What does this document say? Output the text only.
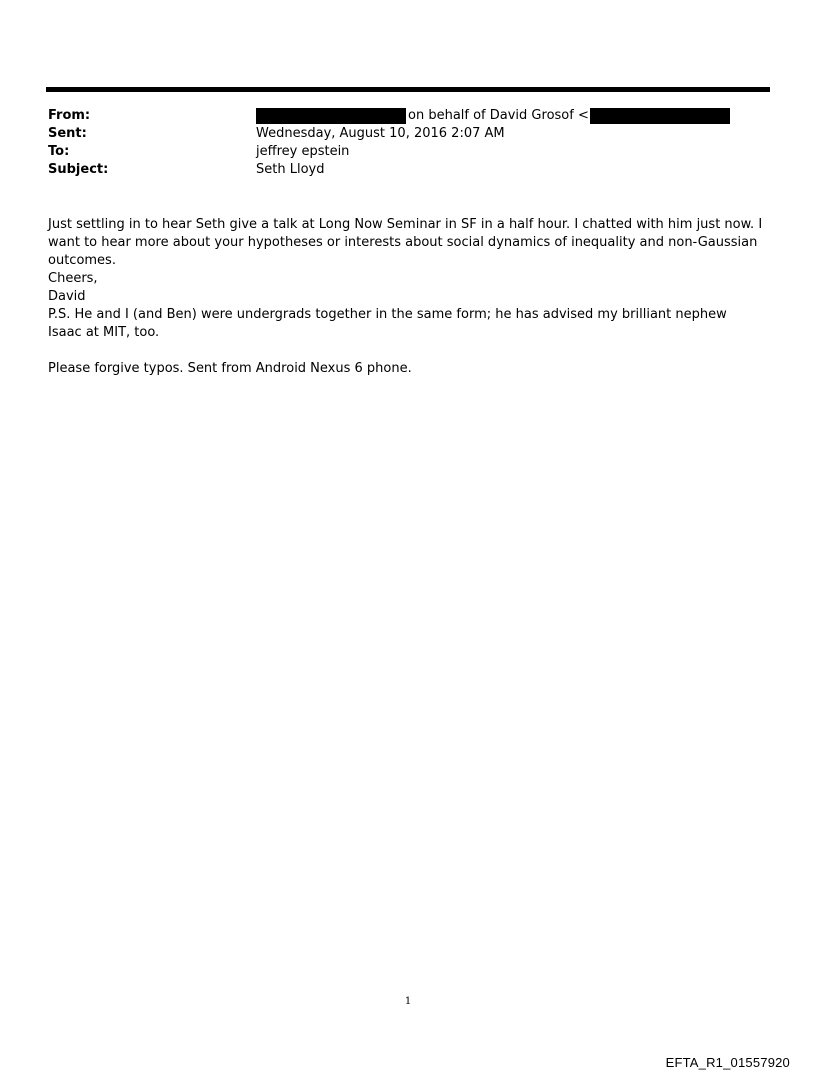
From:	on behalf of David Grosof <
Sent:	Wednesday, August 10, 2016 2:07 AM
To:	jeffrey epstein
Subject:	Seth Lloyd

Just settling in to hear Seth give a talk at Long Now Seminar in SF in a half hour. I chatted with him just now. I want to hear more about your hypotheses or interests about social dynamics of inequality and non-Gaussian outcomes.

Cheers,

David

P.S. He and I (and Ben) were undergrads together in the same form; he has advised my brilliant nephew Isaac at MIT, too.

Please forgive typos. Sent from Android Nexus 6 phone.

1
EFTA_R1_01557920
